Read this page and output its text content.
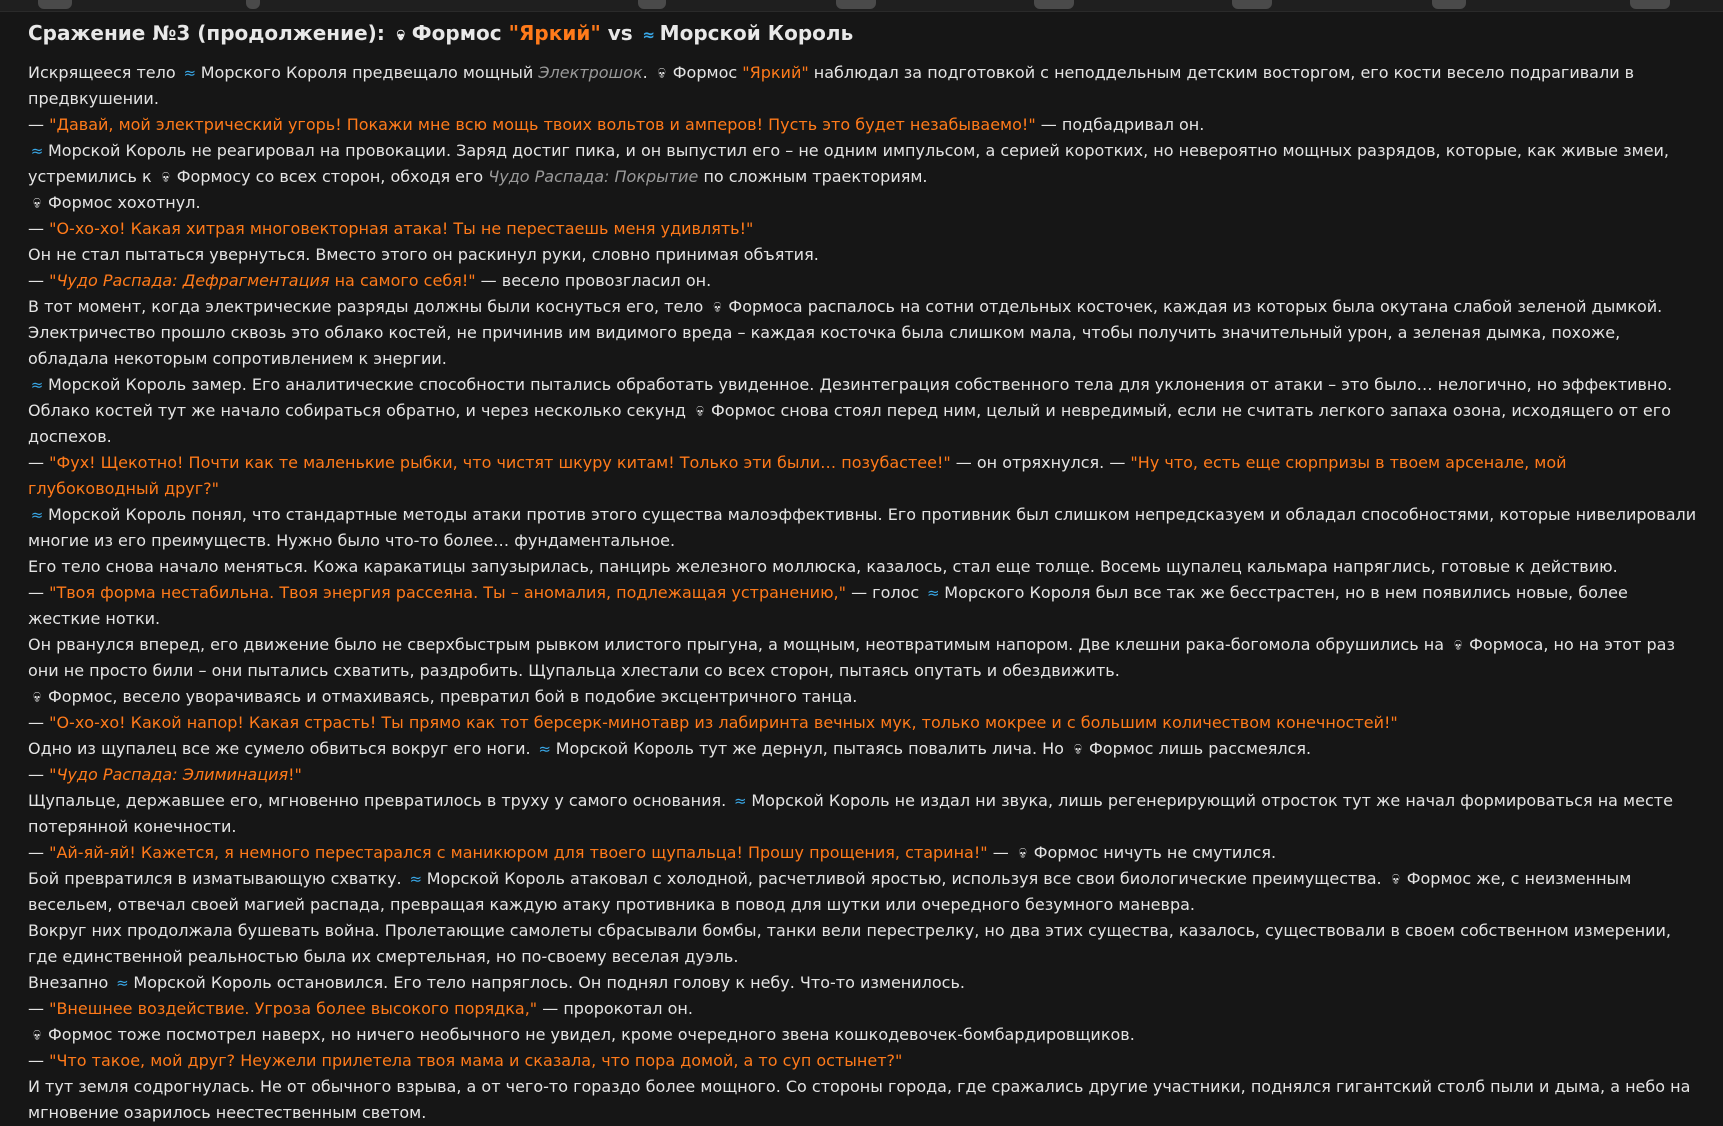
Сражение №3 (продолжение): 💀︎ Формос "Яркий" vs ≈ Морской Король

Искрящееся тело ≈ Морского Короля предвещало мощный Электрошок. 💀︎ Формос "Яркий" наблюдал за подготовкой с неподдельным детским восторгом, его кости весело подрагивали в предвкушении.

— "Давай, мой электрический угорь! Покажи мне всю мощь твоих вольтов и амперов! Пусть это будет незабываемо!" — подбадривал он.

≈ Морской Король не реагировал на провокации. Заряд достиг пика, и он выпустил его – не одним импульсом, а серией коротких, но невероятно мощных разрядов, которые, как живые змеи, устремились к 💀︎ Формосу со всех сторон, обходя его Чудо Распада: Покрытие по сложным траекториям.

💀︎ Формос хохотнул.

— "О-хо-хо! Какая хитрая многовекторная атака! Ты не перестаешь меня удивлять!"

Он не стал пытаться увернуться. Вместо этого он раскинул руки, словно принимая объятия.

— "Чудо Распада: Дефрагментация на самого себя!" — весело провозгласил он.

В тот момент, когда электрические разряды должны были коснуться его, тело 💀︎ Формоса распалось на сотни отдельных косточек, каждая из которых была окутана слабой зеленой дымкой. Электричество прошло сквозь это облако костей, не причинив им видимого вреда – каждая косточка была слишком мала, чтобы получить значительный урон, а зеленая дымка, похоже, обладала некоторым сопротивлением к энергии.

≈ Морской Король замер. Его аналитические способности пытались обработать увиденное. Дезинтеграция собственного тела для уклонения от атаки – это было… нелогично, но эффективно. Облако костей тут же начало собираться обратно, и через несколько секунд 💀︎ Формос снова стоял перед ним, целый и невредимый, если не считать легкого запаха озона, исходящего от его доспехов.

— "Фух! Щекотно! Почти как те маленькие рыбки, что чистят шкуру китам! Только эти были… позубастее!" — он отряхнулся. — "Ну что, есть еще сюрпризы в твоем арсенале, мой глубоководный друг?"

≈ Морской Король понял, что стандартные методы атаки против этого существа малоэффективны. Его противник был слишком непредсказуем и обладал способностями, которые нивелировали многие из его преимуществ. Нужно было что-то более… фундаментальное.

Его тело снова начало меняться. Кожа каракатицы запузырилась, панцирь железного моллюска, казалось, стал еще толще. Восемь щупалец кальмара напряглись, готовые к действию.

— "Твоя форма нестабильна. Твоя энергия рассеяна. Ты – аномалия, подлежащая устранению," — голос ≈ Морского Короля был все так же бесстрастен, но в нем появились новые, более жесткие нотки.

Он рванулся вперед, его движение было не сверхбыстрым рывком илистого прыгуна, а мощным, неотвратимым напором. Две клешни рака-богомола обрушились на 💀︎ Формоса, но на этот раз они не просто били – они пытались схватить, раздробить. Щупальца хлестали со всех сторон, пытаясь опутать и обездвижить.

💀︎ Формос, весело уворачиваясь и отмахиваясь, превратил бой в подобие эксцентричного танца.

— "О-хо-хо! Какой напор! Какая страсть! Ты прямо как тот берсерк-минотавр из лабиринта вечных мук, только мокрее и с большим количеством конечностей!"

Одно из щупалец все же сумело обвиться вокруг его ноги. ≈ Морской Король тут же дернул, пытаясь повалить лича. Но 💀︎ Формос лишь рассмеялся.

— "Чудо Распада: Элиминация!"

Щупальце, державшее его, мгновенно превратилось в труху у самого основания. ≈ Морской Король не издал ни звука, лишь регенерирующий отросток тут же начал формироваться на месте потерянной конечности.

— "Ай-яй-яй! Кажется, я немного перестарался с маникюром для твоего щупальца! Прошу прощения, старина!" — 💀︎ Формос ничуть не смутился.

Бой превратился в изматывающую схватку. ≈ Морской Король атаковал с холодной, расчетливой яростью, используя все свои биологические преимущества. 💀︎ Формос же, с неизменным весельем, отвечал своей магией распада, превращая каждую атаку противника в повод для шутки или очередного безумного маневра.

Вокруг них продолжала бушевать война. Пролетающие самолеты сбрасывали бомбы, танки вели перестрелку, но два этих существа, казалось, существовали в своем собственном измерении, где единственной реальностью была их смертельная, но по-своему веселая дуэль.

Внезапно ≈ Морской Король остановился. Его тело напряглось. Он поднял голову к небу. Что-то изменилось.

— "Внешнее воздействие. Угроза более высокого порядка," — пророкотал он.

💀︎ Формос тоже посмотрел наверх, но ничего необычного не увидел, кроме очередного звена кошкодевочек-бомбардировщиков.

— "Что такое, мой друг? Неужели прилетела твоя мама и сказала, что пора домой, а то суп остынет?"

И тут земля содрогнулась. Не от обычного взрыва, а от чего-то гораздо более мощного. Со стороны города, где сражались другие участники, поднялся гигантский столб пыли и дыма, а небо на мгновение озарилось неестественным светом.
